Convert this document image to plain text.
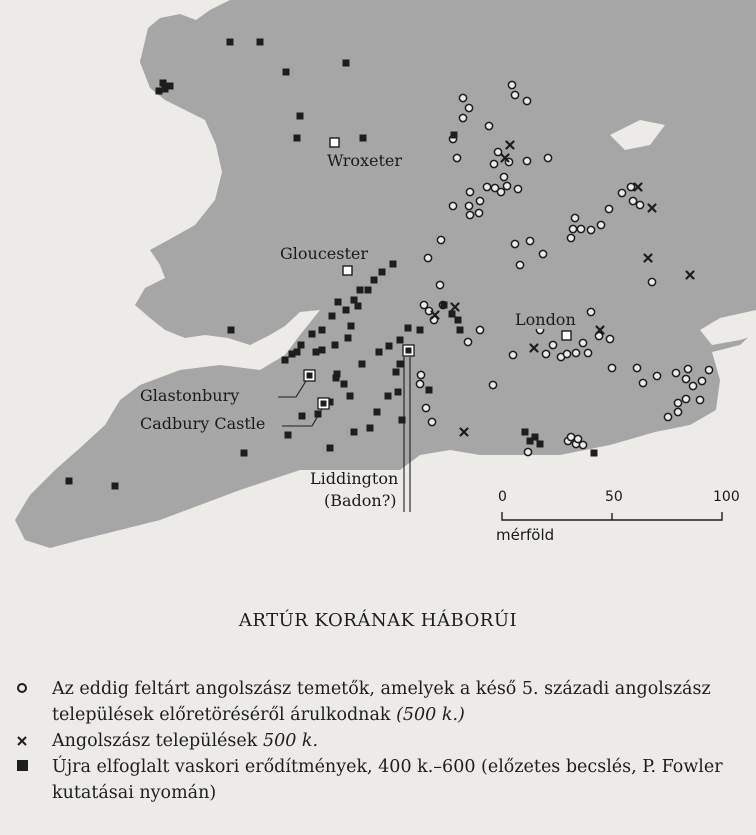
Wroxeter
Gloucester
London
Glastonbury
Cadbury Castle
Liddington
(Badon?)	0	50	100
mérföld
ARTÚR KORÁNAK HÁBORÚI
Az eddig feltárt angolszász temetők, amelyek a késő 5. századi angolszász települések előretöréséről árulkodnak (500 k.)
Angolszász települések 500 k.
Újra elfoglalt vaskori erődítmények, 400 k.–600 (előzetes becslés, P. Fowler kutatásai nyomán)
